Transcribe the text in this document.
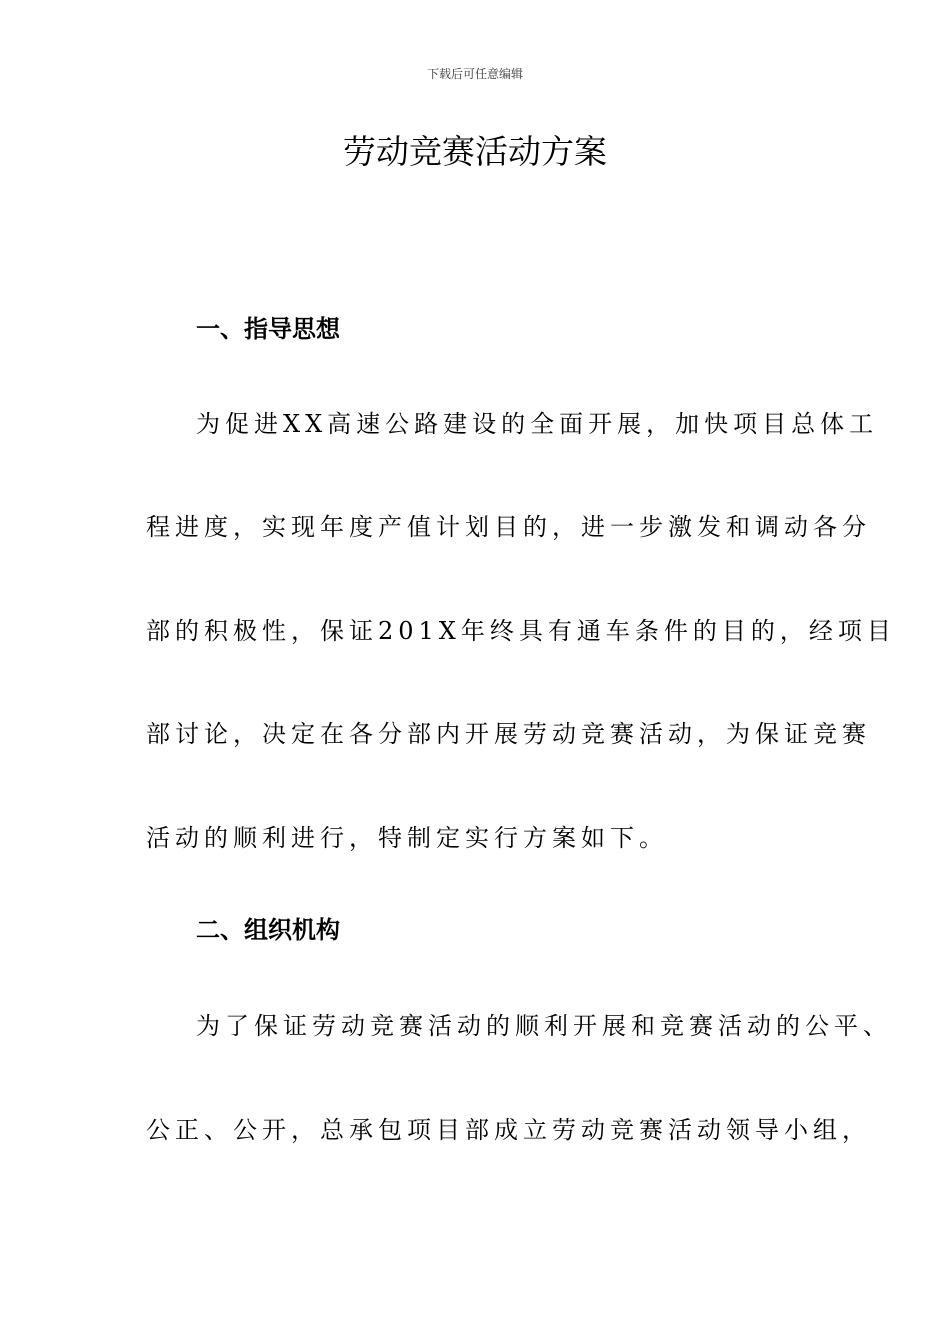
下载后可任意编辑
劳动竞赛活动方案
一、指导思想
为促进XX高速公路建设的全面开展，加快项目总体工
程进度，实现年度产值计划目的，进一步激发和调动各分
部的积极性，保证201X年终具有通车条件的目的，经项目
部讨论，决定在各分部内开展劳动竞赛活动，为保证竞赛
活动的顺利进行，特制定实行方案如下。
二、组织机构
为了保证劳动竞赛活动的顺利开展和竞赛活动的公平、
公正、公开，总承包项目部成立劳动竞赛活动领导小组，
